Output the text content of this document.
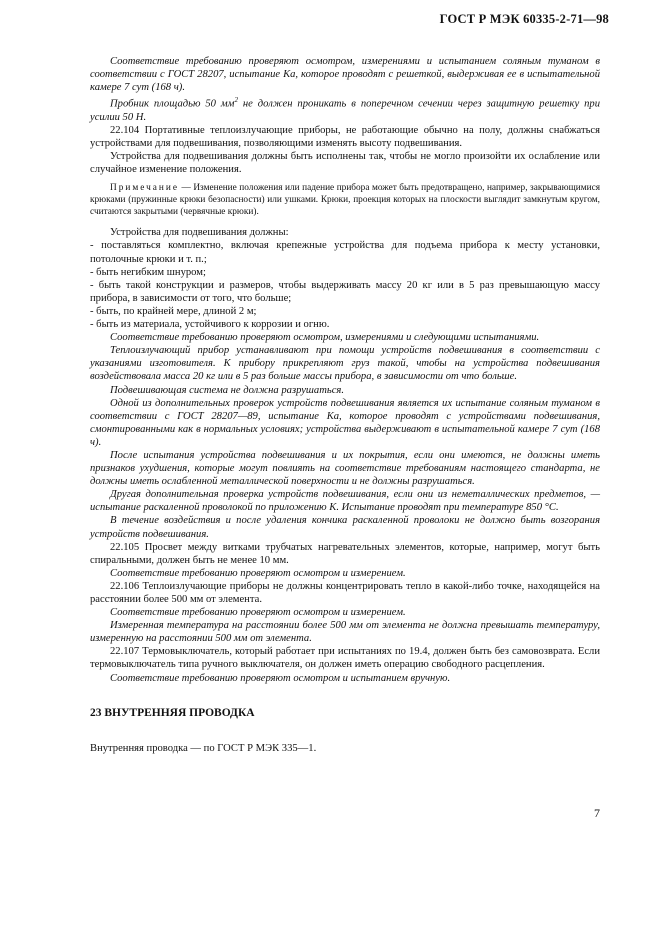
ГОСТ Р МЭК 60335-2-71—98

Соответствие требованию проверяют осмотром, измерениями и испытанием соляным туманом в соответствии с ГОСТ 28207, испытание Ка, которое проводят с решеткой, выдерживая ее в испытательной камере 7 сут (168 ч).

Пробник площадью 50 $мм^2$ не должен проникать в поперечном сечении через защитную решетку при усилии 50 Н.

22.104 Портативные теплоизлучающие приборы, не работающие обычно на полу, должны снабжаться устройствами для подвешивания, позволяющими изменять высоту подвешивания.

Устройства для подвешивания должны быть исполнены так, чтобы не могло произойти их ослабление или случайное изменение положения.

Примечание — Изменение положения или падение прибора может быть предотвращено, например, закрывающимися крюками (пружинные крюки безопасности) или ушками. Крюки, проекция которых на плоскости выглядит замкнутым кругом, считаются закрытыми (червячные крюки).

Устройства для подвешивания должны:

- поставляться комплектно, включая крепежные устройства для подъема прибора к месту установки, потолочные крюки и т. п.;

- быть негибким шнуром;

- быть такой конструкции и размеров, чтобы выдерживать массу 20 кг или в 5 раз превышающую массу прибора, в зависимости от того, что больше;

- быть, по крайней мере, длиной 2 м;

- быть из материала, устойчивого к коррозии и огню.

Соответствие требованию проверяют осмотром, измерениями и следующими испытаниями.

Теплоизлучающий прибор устанавливают при помощи устройств подвешивания в соответствии с указаниями изготовителя. К прибору прикрепляют груз такой, чтобы на устройства подвешивания воздействовала масса 20 кг или в 5 раз больше массы прибора, в зависимости от что больше.

Подвешивающая система не должна разрушаться.

Одной из дополнительных проверок устройств подвешивания является их испытание соляным туманом в соответствии с ГОСТ 28207—89, испытание Ка, которое проводят с устройствами подвешивания, смонтированными как в нормальных условиях; устройства выдерживают в испытательной камере 7 сут (168 ч).

После испытания устройства подвешивания и их покрытия, если они имеются, не должны иметь признаков ухудшения, которые могут повлиять на соответствие требованиям настоящего стандарта, не должны иметь ослабленной металлической поверхности и не должны разрушаться.

Другая дополнительная проверка устройств подвешивания, если они из неметаллических предметов, — испытание раскаленной проволокой по приложению К. Испытание проводят при температуре 850 °С.

В течение воздействия и после удаления кончика раскаленной проволоки не должно быть возгорания устройств подвешивания.

22.105 Просвет между витками трубчатых нагревательных элементов, которые, например, могут быть спиральными, должен быть не менее 10 мм.

Соответствие требованию проверяют осмотром и измерением.

22.106 Теплоизлучающие приборы не должны концентрировать тепло в какой-либо точке, находящейся на расстоянии более 500 мм от элемента.

Соответствие требованию проверяют осмотром и измерением.

Измеренная температура на расстоянии более 500 мм от элемента не должна превышать температуру, измеренную на расстоянии 500 мм от элемента.

22.107 Термовыключатель, который работает при испытаниях по 19.4, должен быть без самовозврата. Если термовыключатель типа ручного выключателя, он должен иметь операцию свободного расцепления.

Соответствие требованию проверяют осмотром и испытанием вручную.

23 ВНУТРЕННЯЯ ПРОВОДКА

Внутренняя проводка — по ГОСТ Р МЭК 335—1.

7
